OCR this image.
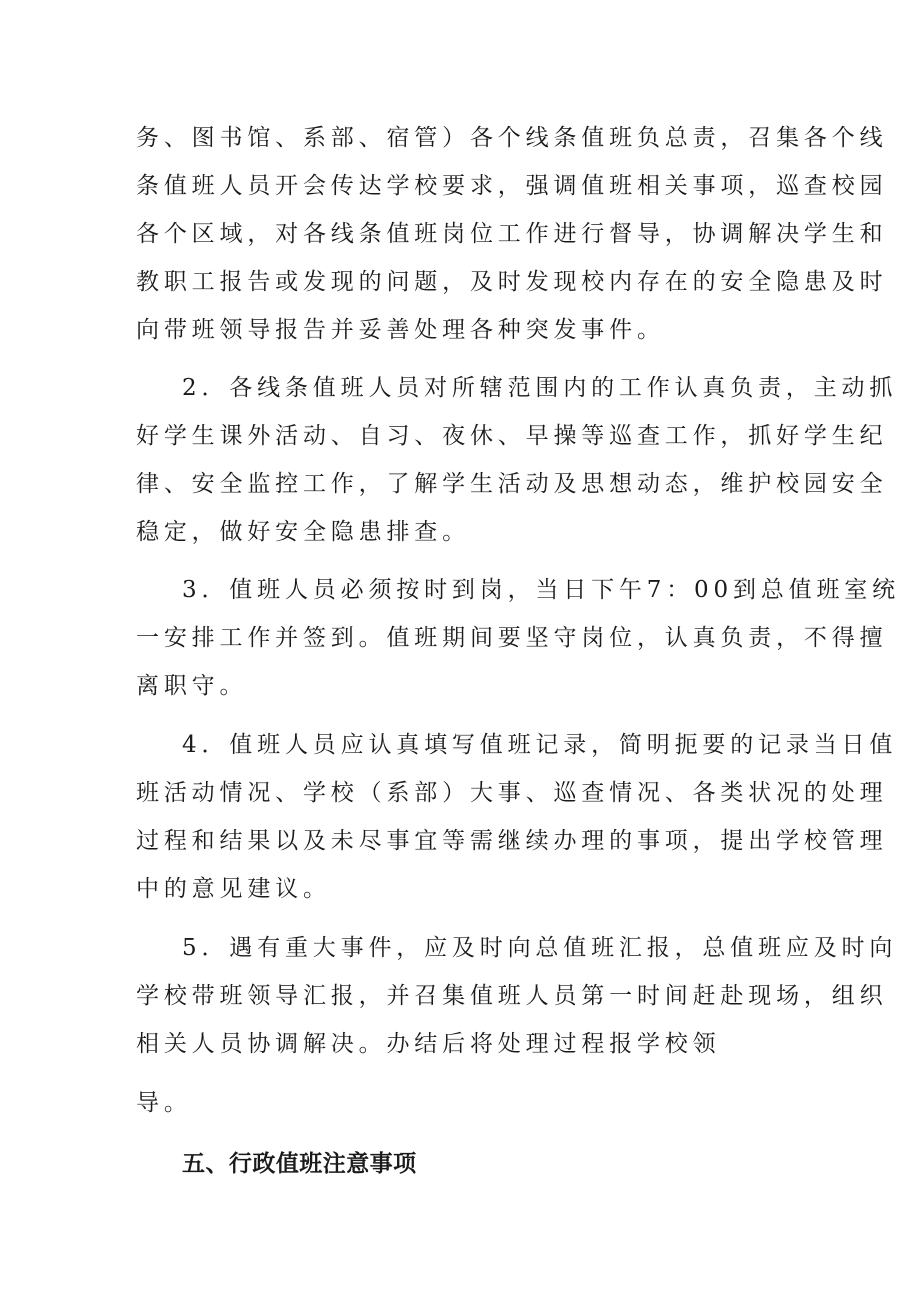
务、图书馆、系部、宿管）各个线条值班负总责，召集各个线
条值班人员开会传达学校要求，强调值班相关事项，巡查校园
各个区域，对各线条值班岗位工作进行督导，协调解决学生和
教职工报告或发现的问题，及时发现校内存在的安全隐患及时
向带班领导报告并妥善处理各种突发事件。
2．各线条值班人员对所辖范围内的工作认真负责，主动抓
好学生课外活动、自习、夜休、早操等巡查工作，抓好学生纪
律、安全监控工作，了解学生活动及思想动态，维护校园安全
稳定，做好安全隐患排查。
3．值班人员必须按时到岗，当日下午7：00到总值班室统
一安排工作并签到。值班期间要坚守岗位，认真负责，不得擅
离职守。
4．值班人员应认真填写值班记录，简明扼要的记录当日值
班活动情况、学校（系部）大事、巡查情况、各类状况的处理
过程和结果以及未尽事宜等需继续办理的事项，提出学校管理
中的意见建议。
5．遇有重大事件，应及时向总值班汇报，总值班应及时向
学校带班领导汇报，并召集值班人员第一时间赶赴现场，组织
相关人员协调解决。办结后将处理过程报学校领
导。
五、行政值班注意事项
